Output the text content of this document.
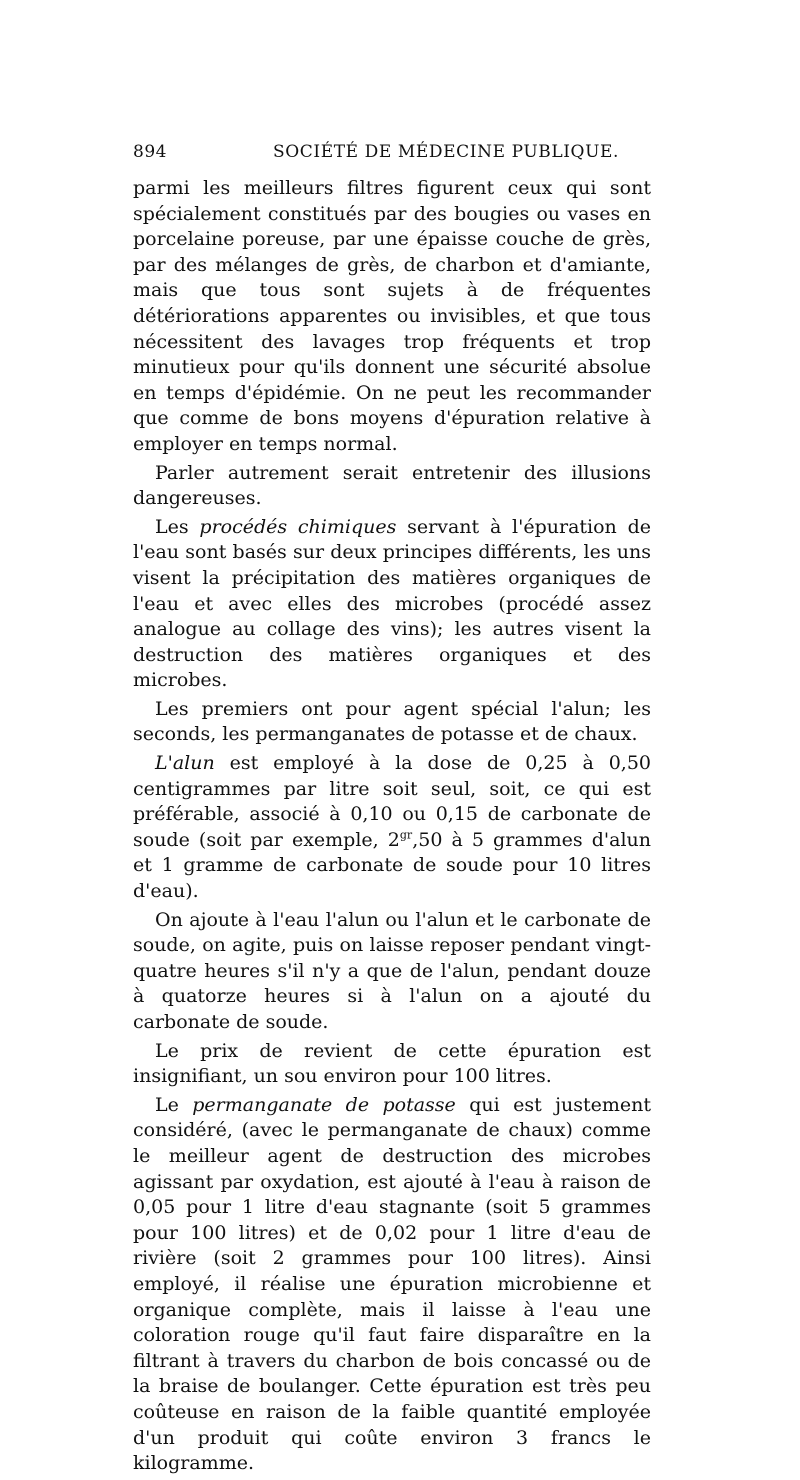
894	SOCIÉTÉ DE MÉDECINE PUBLIQUE.

parmi les meilleurs filtres figurent ceux qui sont spécialement constitués par des bougies ou vases en porcelaine poreuse, par une épaisse couche de grès, par des mélanges de grès, de charbon et d'amiante, mais que tous sont sujets à de fréquentes détériorations apparentes ou invisibles, et que tous nécessitent des lavages trop fréquents et trop minutieux pour qu'ils donnent une sécurité absolue en temps d'épidémie. On ne peut les recommander que comme de bons moyens d'épuration relative à employer en temps normal.

Parler autrement serait entretenir des illusions dangereuses.

Les procédés chimiques servant à l'épuration de l'eau sont basés sur deux principes différents, les uns visent la précipitation des matières organiques de l'eau et avec elles des microbes (procédé assez analogue au collage des vins); les autres visent la destruction des matières organiques et des microbes.

Les premiers ont pour agent spécial l'alun; les seconds, les permanganates de potasse et de chaux.

L'alun est employé à la dose de 0,25 à 0,50 centigrammes par litre soit seul, soit, ce qui est préférable, associé à 0,10 ou 0,15 de carbonate de soude (soit par exemple, $2^{gr},50$ à 5 grammes d'alun et 1 gramme de carbonate de soude pour 10 litres d'eau).

On ajoute à l'eau l'alun ou l'alun et le carbonate de soude, on agite, puis on laisse reposer pendant vingt-quatre heures s'il n'y a que de l'alun, pendant douze à quatorze heures si à l'alun on a ajouté du carbonate de soude.

Le prix de revient de cette épuration est insignifiant, un sou environ pour 100 litres.

Le permanganate de potasse qui est justement considéré, (avec le permanganate de chaux) comme le meilleur agent de destruction des microbes agissant par oxydation, est ajouté à l'eau à raison de 0,05 pour 1 litre d'eau stagnante (soit 5 grammes pour 100 litres) et de 0,02 pour 1 litre d'eau de rivière (soit 2 grammes pour 100 litres). Ainsi employé, il réalise une épuration microbienne et organique complète, mais il laisse à l'eau une coloration rouge qu'il faut faire disparaître en la filtrant à travers du charbon de bois concassé ou de la braise de boulanger. Cette épuration est très peu coûteuse en raison de la faible quantité employée d'un produit qui coûte environ 3 francs le kilogramme.
